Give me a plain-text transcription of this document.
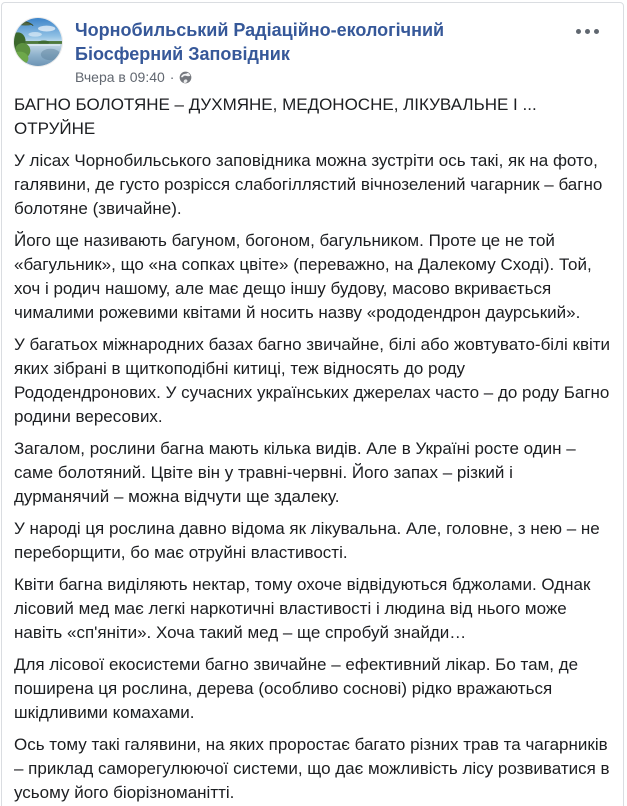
Чорнобильський Радіаційно-екологічний Біосферний Заповідник
Вчера в 09:40 ·

БАГНО БОЛОТЯНЕ – ДУХМЯНЕ, МЕДОНОСНЕ, ЛІКУВАЛЬНЕ І ... ОТРУЙНЕ

У лісах Чорнобильського заповідника можна зустріти ось такі, як на фото, галявини, де густо розрісся слабогіллястий вічнозелений чагарник – багно болотяне (звичайне).

Його ще називають багуном, богоном, багульником. Проте це не той «багульник», що «на сопках цвіте» (переважно, на Далекому Сході). Той, хоч і родич нашому, але має дещо іншу будову, масово вкривається чималими рожевими квітами й носить назву «рододендрон даурський».

У багатьох міжнародних базах багно звичайне, білі або жовтувато-білі квіти яких зібрані в щиткоподібні китиці, теж відносять до роду Рододендронових. У сучасних українських джерелах часто – до роду Багно родини вересових.

Загалом, рослини багна мають кілька видів. Але в Україні росте один – саме болотяний. Цвіте він у травні-червні. Його запах – різкий і дурманячий – можна відчути ще здалеку.

У народі ця рослина давно відома як лікувальна. Але, головне, з нею – не переборщити, бо має отруйні властивості.

Квіти багна виділяють нектар, тому охоче відвідуються бджолами. Однак лісовий мед має легкі наркотичні властивості і людина від нього може навіть «сп'яніти». Хоча такий мед – ще спробуй знайди…

Для лісової екосистеми багно звичайне – ефективний лікар. Бо там, де поширена ця рослина, дерева (особливо соснові) рідко вражаються шкідливими комахами.

Ось тому такі галявини, на яких проростає багато різних трав та чагарників – приклад саморегулюючої системи, що дає можливість лісу розвиватися в усьому його біорізноманітті.
